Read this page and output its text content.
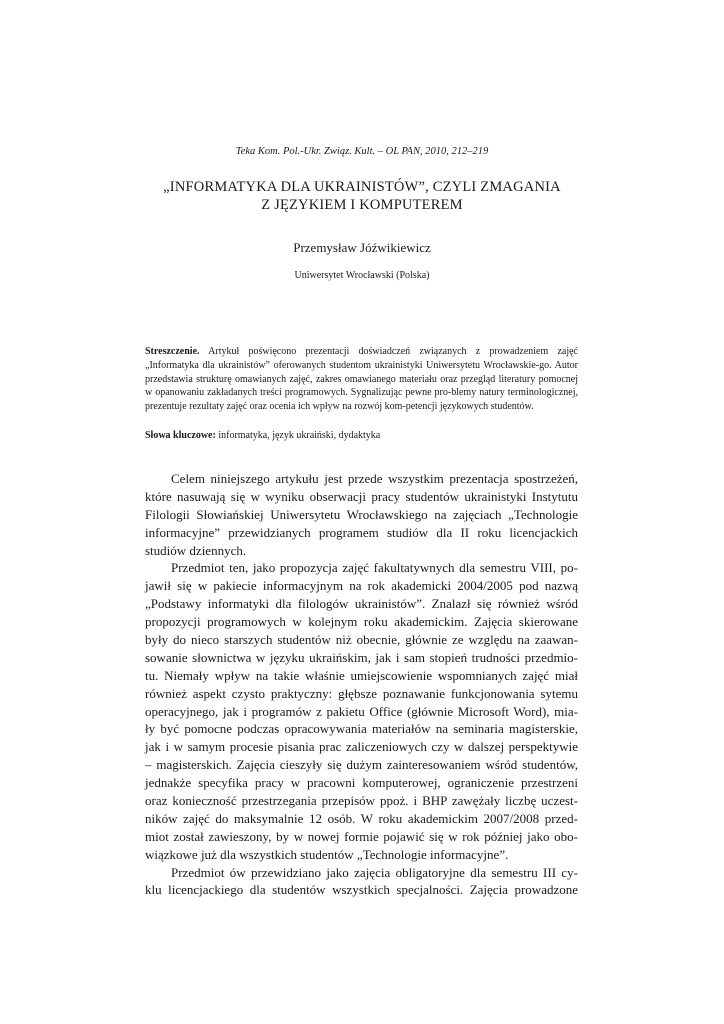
Teka Kom. Pol.-Ukr. Związ. Kult. – OL PAN, 2010, 212–219
„INFORMATYKA DLA UKRAINISTÓW”, CZYLI ZMAGANIA
Z JĘZYKIEM I KOMPUTEREM
Przemysław Jóźwikiewicz
Uniwersytet Wrocławski (Polska)
Streszczenie. Artykuł poświęcono prezentacji doświadczeń związanych z prowadzeniem zajęć „Informatyka dla ukrainistów” oferowanych studentom ukrainistyki Uniwersytetu Wrocławskie-go. Autor przedstawia strukturę omawianych zajęć, zakres omawianego materiału oraz przegląd literatury pomocnej w opanowaniu zakładanych treści programowych. Sygnalizując pewne pro-blemy natury terminologicznej, prezentuje rezultaty zajęć oraz ocenia ich wpływ na rozwój kom-petencji językowych studentów.
Słowa kluczowe: informatyka, język ukraiński, dydaktyka
Celem niniejszego artykułu jest przede wszystkim prezentacja spostrzeżeń,
które nasuwają się w wyniku obserwacji pracy studentów ukrainistyki Instytutu
Filologii Słowiańskiej Uniwersytetu Wrocławskiego na zajęciach „Technologie
informacyjne” przewidzianych programem studiów dla II roku licencjackich
studiów dziennych.
Przedmiot ten, jako propozycja zajęć fakultatywnych dla semestru VIII, po-
jawił się w pakiecie informacyjnym na rok akademicki 2004/2005 pod nazwą
„Podstawy informatyki dla filologów ukrainistów”. Znalazł się również wśród
propozycji programowych w kolejnym roku akademickim. Zajęcia skierowane
były do nieco starszych studentów niż obecnie, głównie ze względu na zaawan-
sowanie słownictwa w języku ukraińskim, jak i sam stopień trudności przedmio-
tu. Niemały wpływ na takie właśnie umiejscowienie wspomnianych zajęć miał
również aspekt czysto praktyczny: głębsze poznawanie funkcjonowania sytemu
operacyjnego, jak i programów z pakietu Office (głównie Microsoft Word), mia-
ły być pomocne podczas opracowywania materiałów na seminaria magisterskie,
jak i w samym procesie pisania prac zaliczeniowych czy w dalszej perspektywie
– magisterskich. Zajęcia cieszyły się dużym zainteresowaniem wśród studentów,
jednakże specyfika pracy w pracowni komputerowej, ograniczenie przestrzeni
oraz konieczność przestrzegania przepisów ppoż. i BHP zawężały liczbę uczest-
ników zajęć do maksymalnie 12 osób. W roku akademickim 2007/2008 przed-
miot został zawieszony, by w nowej formie pojawić się w rok później jako obo-
wiązkowe już dla wszystkich studentów „Technologie informacyjne”.
Przedmiot ów przewidziano jako zajęcia obligatoryjne dla semestru III cy-
klu licencjackiego dla studentów wszystkich specjalności. Zajęcia prowadzone
